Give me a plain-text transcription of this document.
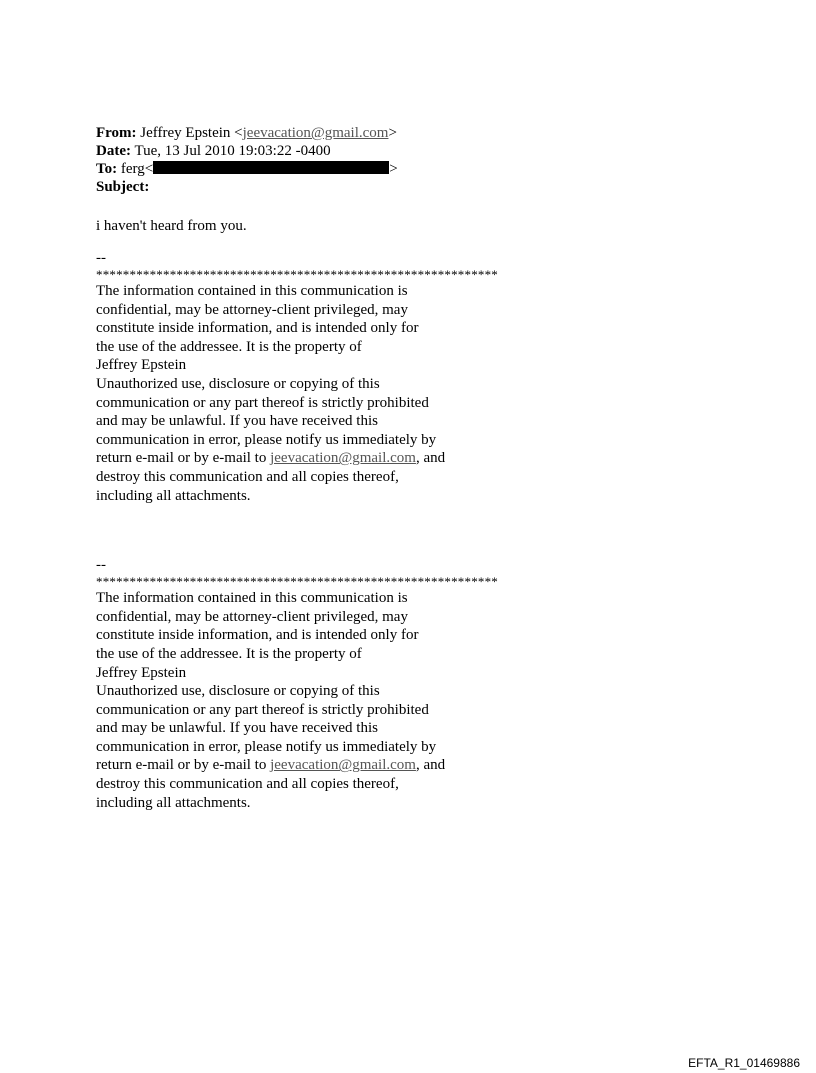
From: Jeffrey Epstein <jeevacation@gmail.com>
Date: Tue, 13 Jul 2010 19:03:22 -0400
To: ferg<	>
Subject:
i haven't heard from you.
--
************************************************************
The information contained in this communication is
confidential, may be attorney-client privileged, may
constitute inside information, and is intended only for
the use of the addressee. It is the property of
Jeffrey Epstein
Unauthorized use, disclosure or copying of this
communication or any part thereof is strictly prohibited
and may be unlawful. If you have received this
communication in error, please notify us immediately by
return e-mail or by e-mail to jeevacation@gmail.com, and
destroy this communication and all copies thereof,
including all attachments.
--
************************************************************
The information contained in this communication is
confidential, may be attorney-client privileged, may
constitute inside information, and is intended only for
the use of the addressee. It is the property of
Jeffrey Epstein
Unauthorized use, disclosure or copying of this
communication or any part thereof is strictly prohibited
and may be unlawful. If you have received this
communication in error, please notify us immediately by
return e-mail or by e-mail to jeevacation@gmail.com, and
destroy this communication and all copies thereof,
including all attachments.
EFTA_R1_01469886
